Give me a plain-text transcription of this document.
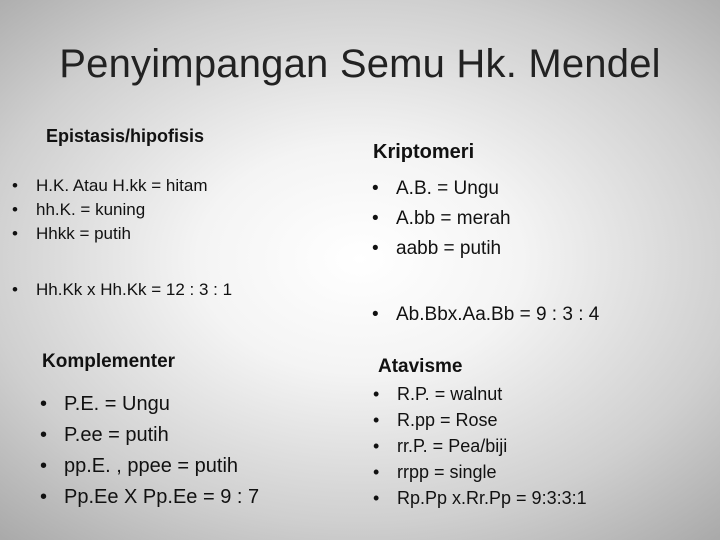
Penyimpangan Semu Hk. Mendel
Epistasis/hipofisis
• H.K. Atau H.kk = hitam
• hh.K. = kuning
• Hhkk = putih
• Hh.Kk x Hh.Kk = 12 : 3 : 1
Kriptomeri
• A.B. = Ungu
• A.bb = merah
• aabb = putih
• Ab.Bbx.Aa.Bb = 9 : 3 : 4
Komplementer
• P.E. = Ungu
• P.ee = putih
• pp.E. , ppee = putih
• Pp.Ee X Pp.Ee = 9 : 7
Atavisme
• R.P. = walnut
• R.pp = Rose
• rr.P. = Pea/biji
• rrpp = single
• Rp.Pp x.Rr.Pp = 9:3:3:1
